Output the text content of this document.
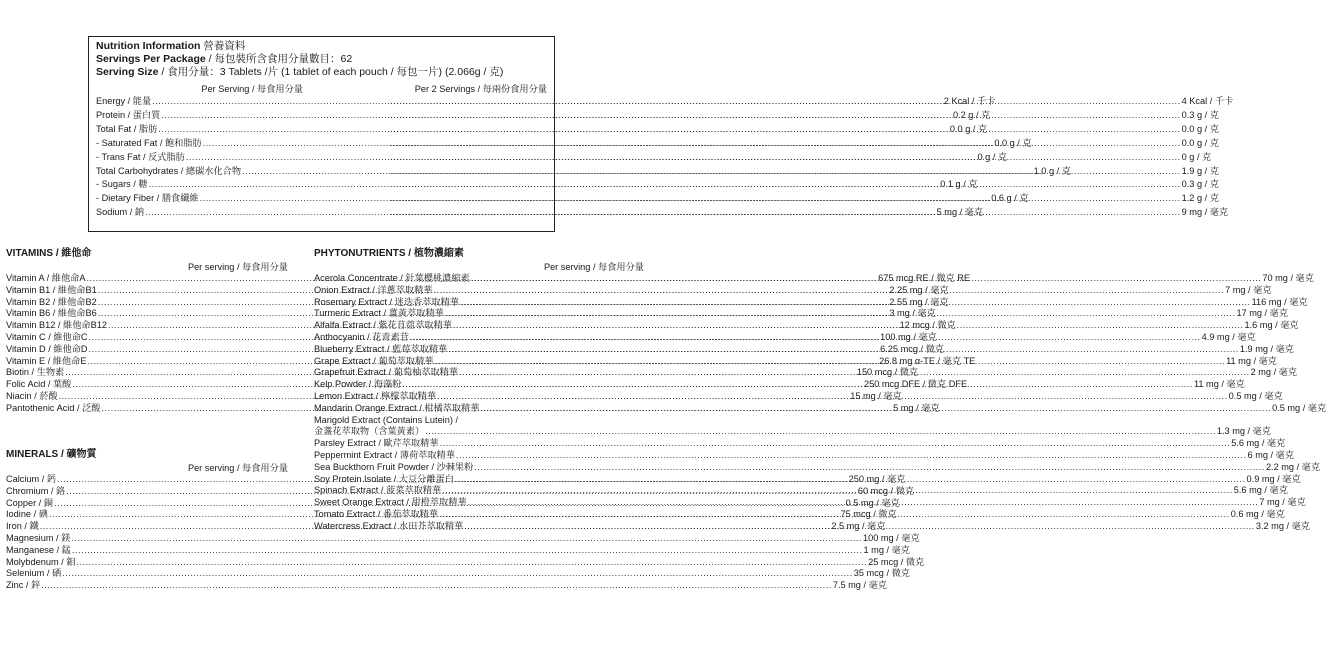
Nutrition Information 營養資料
Servings Per Package / 每包裝所含食用分量數目：62
Serving Size / 食用分量：3 Tablets /片 (1 tablet of each pouch / 每包一片) (2.066g / 克)
Per Serving / 每食用分量	Per 2 Servings / 每兩份食用分量
Energy / 能量 .....	2 Kcal / 千卡 .....	4 Kcal / 千卡
Protein / 蛋白質 .....	0.2 g / 克 .....	0.3 g / 克
Total Fat / 脂肪 .....	0.0 g / 克 .....	0.0 g / 克
- Saturated Fat / 飽和脂肪 .....	0.0 g / 克 .....	0.0 g / 克
- Trans Fat / 反式脂肪 .....	0 g / 克 .....	0 g / 克
Total Carbohydrates / 總碳水化合物 .....	1.0 g / 克 .....	1.9 g / 克
- Sugars / 糖 .....	0.1 g / 克 .....	0.3 g / 克
- Dietary Fiber / 膳食纖維 .....	0.6 g / 克 .....	1.2 g / 克
Sodium / 鈉 .....	5 mg / 毫克 .....	9 mg / 毫克
VITAMINS / 維他命
Per serving / 每食用分量
Vitamin A / 維他命A .....	675 mcg RE / 微克 RE
Vitamin B1 / 維他命B1 .....	2.25 mg / 毫克
Vitamin B2 / 維他命B2 .....	2.55 mg / 毫克
Vitamin B6 / 維他命B6 .....	3 mg / 毫克
Vitamin B12 / 維他命B12 .....	12 mcg / 微克
Vitamin C / 維他命C .....	100 mg / 毫克
Vitamin D / 維他命D .....	6.25 mcg / 微克
Vitamin E / 維他命E .....	26.8 mg α-TE / 毫克 TE
Biotin / 生物素 .....	150 mcg / 微克
Folic Acid / 葉酸 .....	250 mcg DFE / 微克 DFE
Niacin / 菸酸 .....	15 mg / 毫克
Pantothenic Acid / 泛酸 .....	5 mg / 毫克
MINERALS / 礦物質
Per serving / 每食用分量
Calcium / 鈣 .....	250 mg / 毫克
Chromium / 鉻 .....	60 mcg / 微克
Copper / 銅 .....	0.5 mg / 毫克
Iodine / 碘 .....	75 mcg / 微克
Iron / 鐵 .....	2.5 mg / 毫克
Magnesium / 鎂 .....	100 mg / 毫克
Manganese / 錳 .....	1 mg / 毫克
Molybdenum / 鉬 .....	25 mcg / 微克
Selenium / 硒 .....	35 mcg / 微克
Zinc / 鋅 .....	7.5 mg / 毫克
PHYTONUTRIENTS / 植物濃縮素
Per serving / 每食用分量
Acerola Concentrate / 針葉櫻桃濃縮素 .....	70 mg / 毫克
Onion Extract / 洋蔥萃取精華 .....	7 mg / 毫克
Rosemary Extract / 迷迭香萃取精華 .....	116 mg / 毫克
Turmeric Extract / 薑黃萃取精華 .....	17 mg / 毫克
Alfalfa Extract / 紫花苜蓿萃取精華 .....	1.6 mg / 毫克
Anthocyanin / 花青素苷 .....	4.9 mg / 毫克
Blueberry Extract / 藍莓萃取精華 .....	1.9 mg / 毫克
Grape Extract / 葡萄萃取精華 .....	11 mg / 毫克
Grapefruit Extract / 葡萄柚萃取精華 .....	2 mg / 毫克
Kelp Powder / 海藻粉 .....	11 mg / 毫克
Lemon Extract / 檸檬萃取精華 .....	0.5 mg / 毫克
Mandarin Orange Extract / 柑橘萃取精華 .....	0.5 mg / 毫克
Marigold Extract (Contains Lutein) /
金盞花萃取物（含葉黃素） .....	1.3 mg / 毫克
Parsley Extract / 歐芹萃取精華 .....	5.6 mg / 毫克
Peppermint Extract / 薄荷萃取精華 .....	6 mg / 毫克
Sea Buckthorn Fruit Powder / 沙棘果粉 .....	2.2 mg / 毫克
Soy Protein Isolate / 大豆分離蛋白 .....	0.9 mg / 毫克
Spinach Extract / 菠菜萃取精華 .....	5.6 mg / 毫克
Sweet Orange Extract / 甜橙萃取精華 .....	7 mg / 毫克
Tomato Extract / 番茄萃取精華 .....	0.6 mg / 毫克
Watercress Extract / 水田芥萃取精華 .....	3.2 mg / 毫克
